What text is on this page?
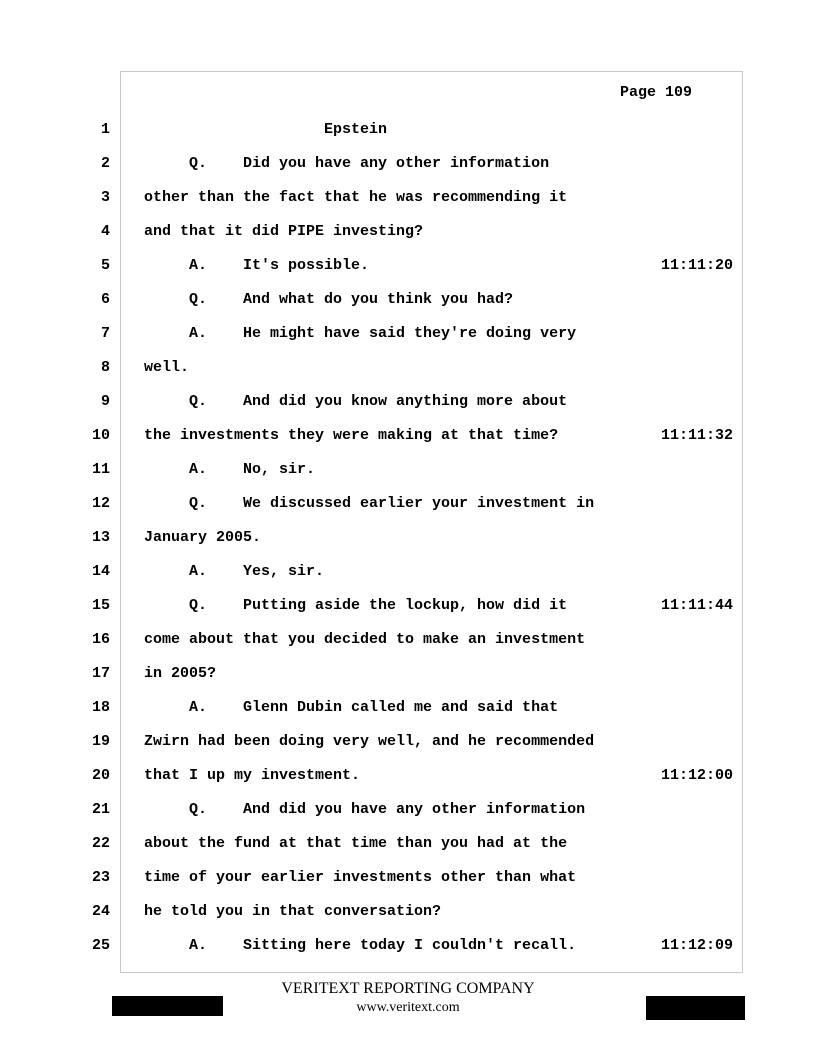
Page 109
1 Epstein
2 Q.    Did you have any other information
3 other than the fact that he was recommending it
4 and that it did PIPE investing?
5 A.    It's possible.	11:11:20
6 Q.    And what do you think you had?
7 A.    He might have said they're doing very
8 well.
9 Q.    And did you know anything more about
10 the investments they were making at that time?	11:11:32
11 A.    No, sir.
12 Q.    We discussed earlier your investment in
13 January 2005.
14 A.    Yes, sir.
15 Q.    Putting aside the lockup, how did it	11:11:44
16 come about that you decided to make an investment
17 in 2005?
18 A.    Glenn Dubin called me and said that
19 Zwirn had been doing very well, and he recommended
20 that I up my investment.	11:12:00
21 Q.    And did you have any other information
22 about the fund at that time than you had at the
23 time of your earlier investments other than what
24 he told you in that conversation?
25 A.    Sitting here today I couldn't recall.	11:12:09
VERITEXT REPORTING COMPANY
www.veritext.com
